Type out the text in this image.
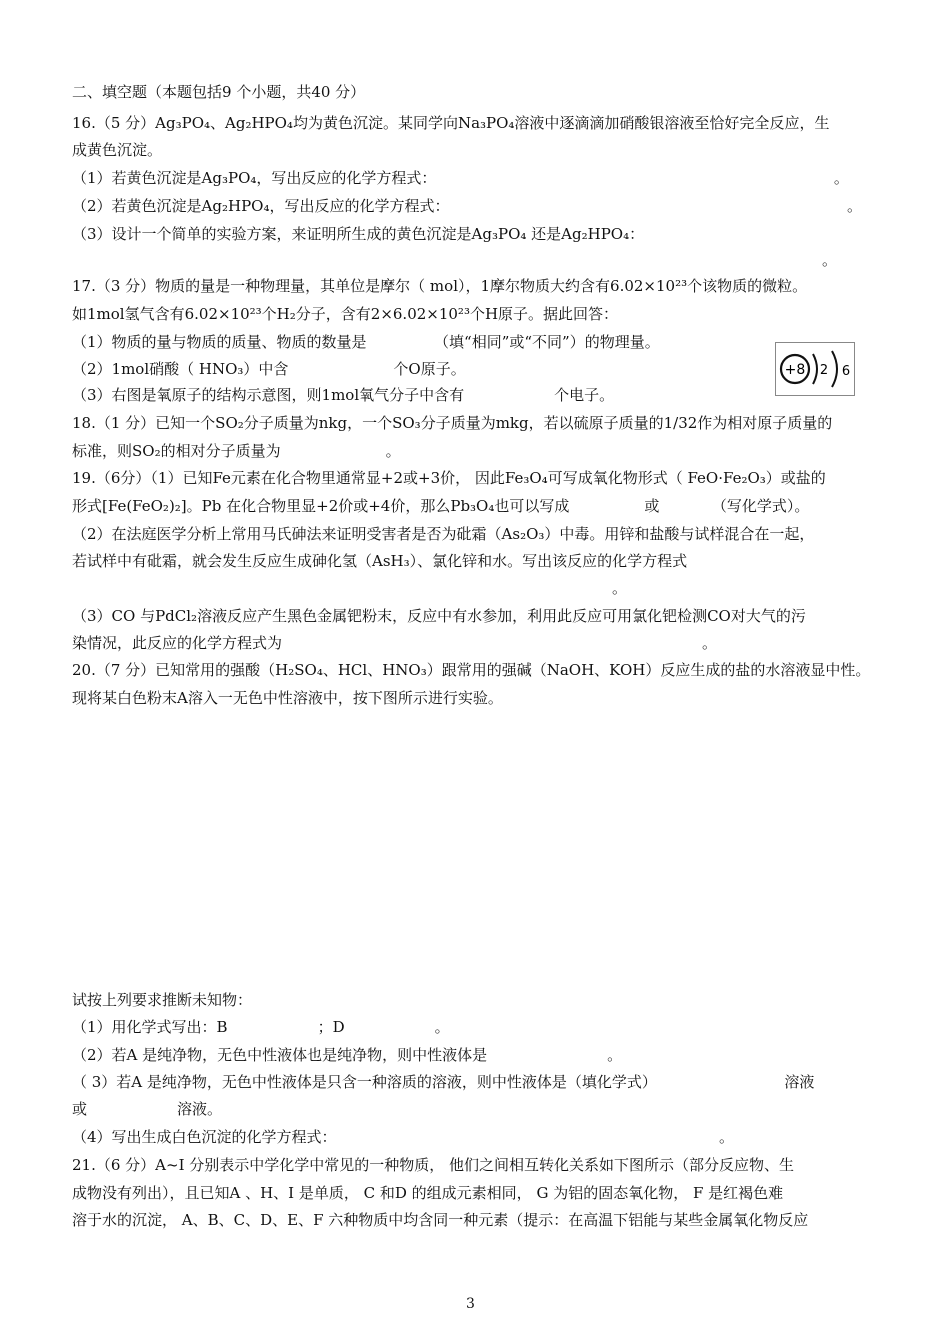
二、填空题（本题包括9 个小题，共40 分）
16.（5 分）Ag₃PO₄、Ag₂HPO₄均为黄色沉淀。某同学向Na₃PO₄溶液中逐滴滴加硝酸银溶液至恰好完全反应，生
成黄色沉淀。
（1）若黄色沉淀是Ag₃PO₄，写出反应的化学方程式：　　　　　　　　　　　　　　　　　　　　　　　　　　　。
（2）若黄色沉淀是Ag₂HPO₄，写出反应的化学方程式：　　　　　　　　　　　　　　　　　　　　　　　　　　　。
（3）设计一个简单的实验方案，来证明所生成的黄色沉淀是Ag₃PO₄ 还是Ag₂HPO₄：
　　　　　　　　　　　　　　　　　　　　　　　　　　　　　　　　　　　　　　　　　　　　　　　　　　。
17.（3 分）物质的量是一种物理量，其单位是摩尔（ mol），1摩尔物质大约含有6.02×10²³个该物质的微粒。
如1mol氢气含有6.02×10²³个H₂分子，含有2×6.02×10²³个H原子。据此回答：
（1）物质的量与物质的质量、物质的数量是　　　　　（填“相同”或“不同”）的物理量。
（2）1mol硝酸（ HNO₃）中含　　　　　　　个O原子。
（3）右图是氧原子的结构示意图，则1mol氧气分子中含有　　　　　　个电子。
18.（1 分）已知一个SO₂分子质量为nkg，一个SO₃分子质量为mkg，若以硫原子质量的1/32作为相对原子质量的
标准，则SO₂的相对分子质量为　　　　　　　。
19.（6分）（1）已知Fe元素在化合物里通常显+2或+3价， 因此Fe₃O₄可写成氧化物形式（ FeO·Fe₂O₃）或盐的
形式[Fe(FeO₂)₂]。Pb 在化合物里显+2价或+4价，那么Pb₃O₄也可以写成　　　　　或　　　　（写化学式）。
（2）在法庭医学分析上常用马氏砷法来证明受害者是否为砒霜（As₂O₃）中毒。用锌和盐酸与试样混合在一起，
若试样中有砒霜，就会发生反应生成砷化氢（AsH₃）、氯化锌和水。写出该反应的化学方程式
　　　　　　　　　　　　　　　　　　　　　　　　　　　　　　　　　　　　。
（3）CO 与PdCl₂溶液反应产生黑色金属钯粉末，反应中有水参加，利用此反应可用氯化钯检测CO对大气的污
染情况，此反应的化学方程式为　　　　　　　　　　　　　　　　　　　　　　　　　　　　。
20.（7 分）已知常用的强酸（H₂SO₄、HCl、HNO₃）跟常用的强碱（NaOH、KOH）反应生成的盐的水溶液显中性。
现将某白色粉末A溶入一无色中性溶液中，按下图所示进行实验。
试按上列要求推断未知物：
（1）用化学式写出：B　　　　　　；D　　　　　　。
（2）若A 是纯净物，无色中性液体也是纯净物，则中性液体是　　　　　　　　。
（ 3）若A 是纯净物，无色中性液体是只含一种溶质的溶液，则中性液体是（填化学式）　　　　　　　　　溶液
或　　　　　　溶液。
（4）写出生成白色沉淀的化学方程式：　　　　　　　　　　　　　　　　　　　　　　　　　　。
21.（6 分）A~I 分别表示中学化学中常见的一种物质， 他们之间相互转化关系如下图所示（部分反应物、生
成物没有列出），且已知A 、H、I 是单质， C 和D 的组成元素相同， G 为铝的固态氧化物， F 是红褐色难
溶于水的沉淀， A、B、C、D、E、F 六种物质中均含同一种元素（提示：在高温下铝能与某些金属氧化物反应
+8 2 6
3
